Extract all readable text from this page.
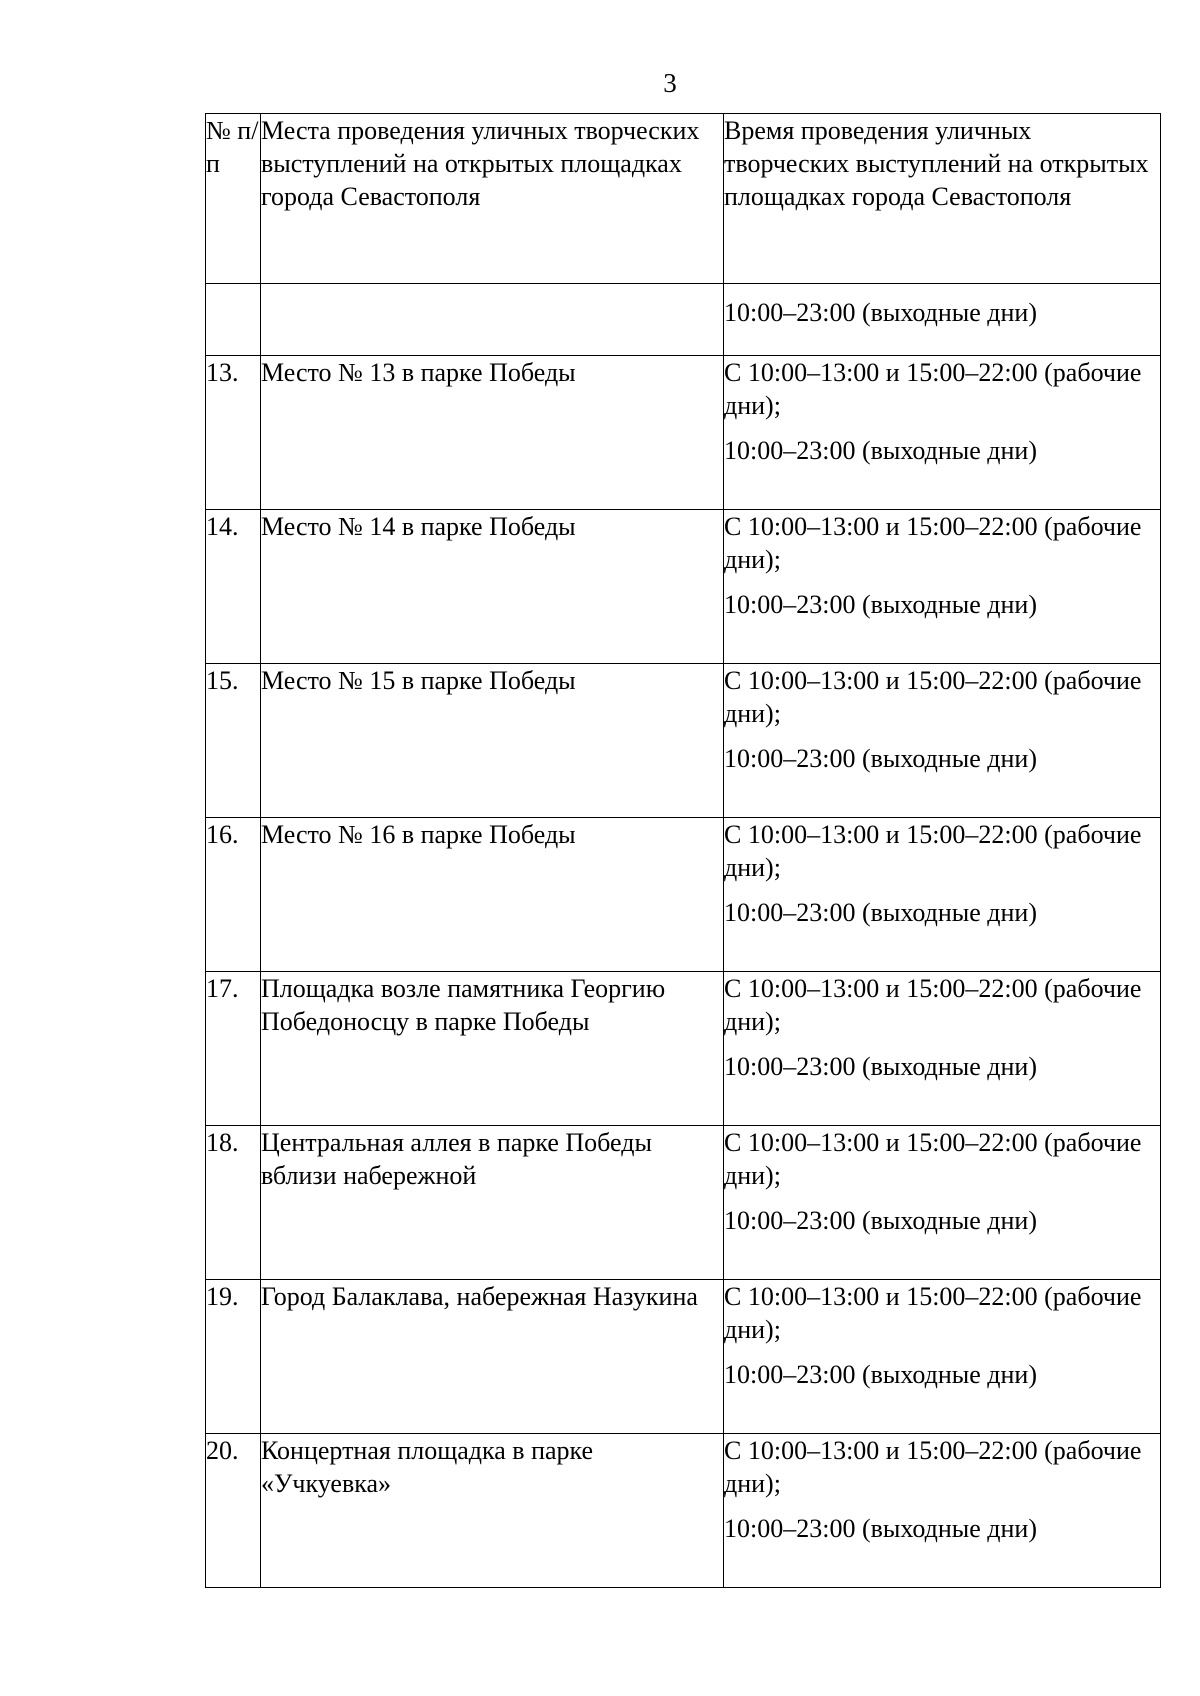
3
№ п/п	Места проведения уличных творческих выступлений на открытых площадках города Севастополя	Время проведения уличных творческих выступлений на открытых площадках города Севастополя

		10:00–23:00 (выходные дни)

13.	Место № 13 в парке Победы	С 10:00–13:00 и 15:00–22:00 (рабочие дни);
10:00–23:00 (выходные дни)

14.	Место № 14 в парке Победы	С 10:00–13:00 и 15:00–22:00 (рабочие дни);
10:00–23:00 (выходные дни)

15.	Место № 15 в парке Победы	С 10:00–13:00 и 15:00–22:00 (рабочие дни);
10:00–23:00 (выходные дни)

16.	Место № 16 в парке Победы	С 10:00–13:00 и 15:00–22:00 (рабочие дни);
10:00–23:00 (выходные дни)

17.	Площадка возле памятника Георгию Победоносцу в парке Победы	С 10:00–13:00 и 15:00–22:00 (рабочие дни);
10:00–23:00 (выходные дни)

18.	Центральная аллея в парке Победы вблизи набережной	С 10:00–13:00 и 15:00–22:00 (рабочие дни);
10:00–23:00 (выходные дни)

19.	Город Балаклава, набережная Назукина	С 10:00–13:00 и 15:00–22:00 (рабочие дни);
10:00–23:00 (выходные дни)

20.	Концертная площадка в парке «Учкуевка»	С 10:00–13:00 и 15:00–22:00 (рабочие дни);
10:00–23:00 (выходные дни)
